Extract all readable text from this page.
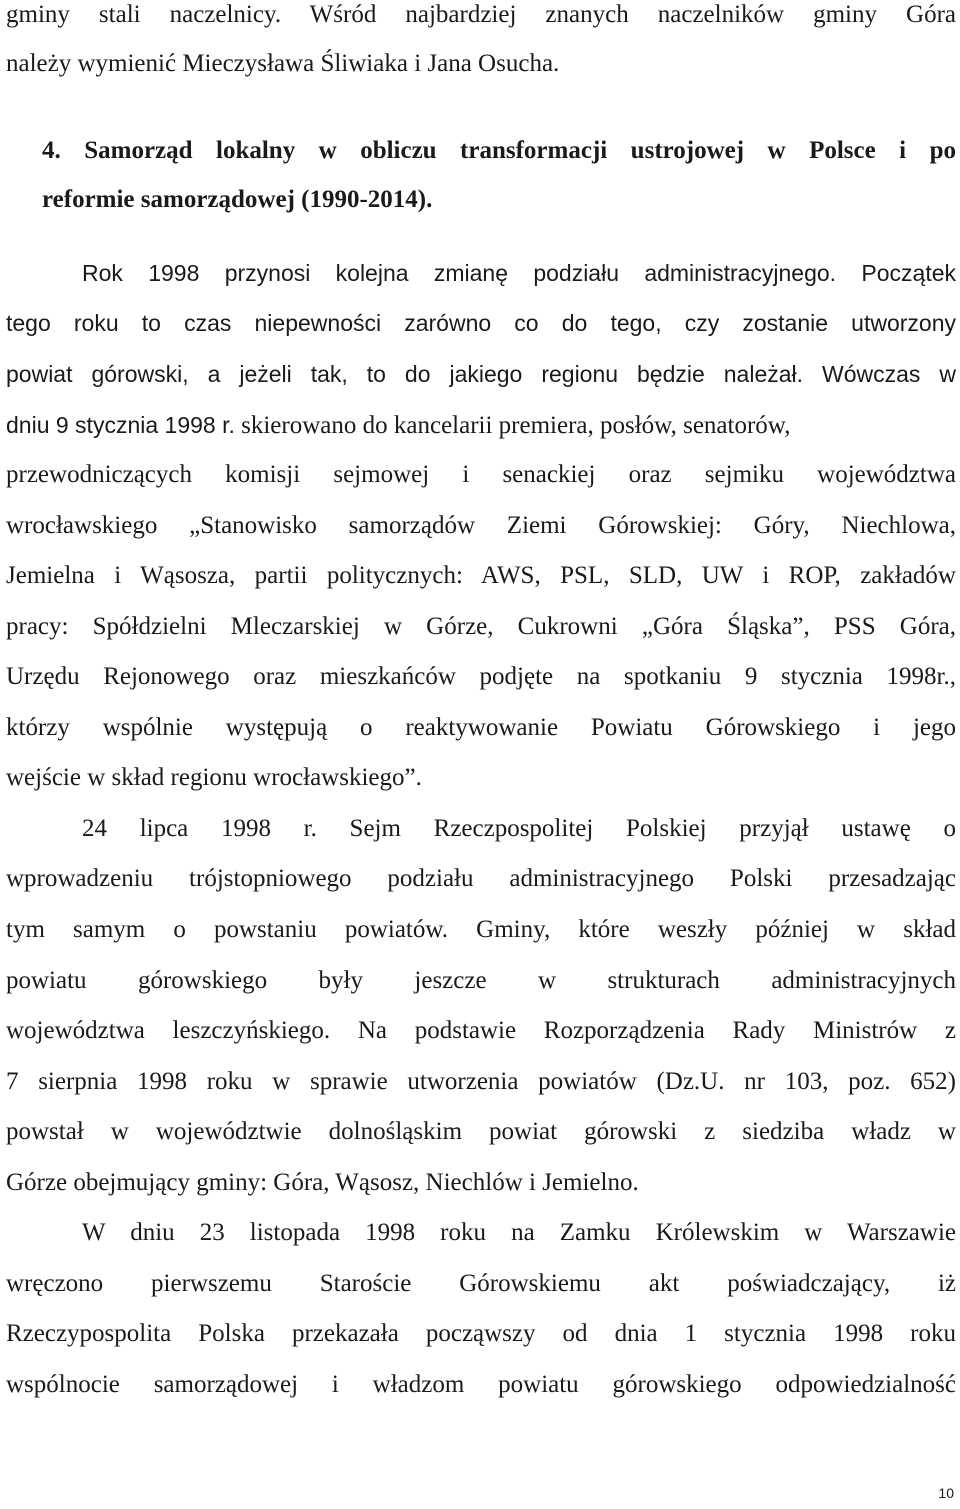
gminy stali naczelnicy. Wśród najbardziej znanych naczelników gminy Góra
należy wymienić Mieczysława Śliwiaka i Jana Osucha.
4. Samorząd lokalny w obliczu transformacji ustrojowej w Polsce i po
reformie samorządowej (1990-2014).
Rok 1998 przynosi kolejna zmianę podziału administracyjnego. Początek
tego roku to czas niepewności zarówno co do tego, czy zostanie utworzony
powiat górowski, a jeżeli tak, to do jakiego regionu będzie należał. Wówczas w
dniu 9 stycznia 1998 r. skierowano do kancelarii premiera, posłów, senatorów,
przewodniczących komisji sejmowej i senackiej oraz sejmiku województwa
wrocławskiego „Stanowisko samorządów Ziemi Górowskiej: Góry, Niechlowa,
Jemielna i Wąsosza, partii politycznych: AWS, PSL, SLD, UW i ROP, zakładów
pracy: Spółdzielni Mleczarskiej w Górze, Cukrowni „Góra Śląska”, PSS Góra,
Urzędu Rejonowego oraz mieszkańców podjęte na spotkaniu 9 stycznia 1998r.,
którzy wspólnie występują o reaktywowanie Powiatu Górowskiego i jego
wejście w skład regionu wrocławskiego”.
24 lipca 1998 r. Sejm Rzeczpospolitej Polskiej przyjął ustawę o
wprowadzeniu trójstopniowego podziału administracyjnego Polski przesadzając
tym samym o powstaniu powiatów. Gminy, które weszły później w skład
powiatu górowskiego były jeszcze w strukturach administracyjnych
województwa leszczyńskiego. Na podstawie Rozporządzenia Rady Ministrów z
7 sierpnia 1998 roku w sprawie utworzenia powiatów (Dz.U. nr 103, poz. 652)
powstał w województwie dolnośląskim powiat górowski z siedziba władz w
Górze obejmujący gminy: Góra, Wąsosz, Niechlów i Jemielno.
W dniu 23 listopada 1998 roku na Zamku Królewskim w Warszawie
wręczono pierwszemu Staroście Górowskiemu akt poświadczający, iż
Rzeczypospolita Polska przekazała począwszy od dnia 1 stycznia 1998 roku
wspólnocie samorządowej i władzom powiatu górowskiego odpowiedzialność
10
